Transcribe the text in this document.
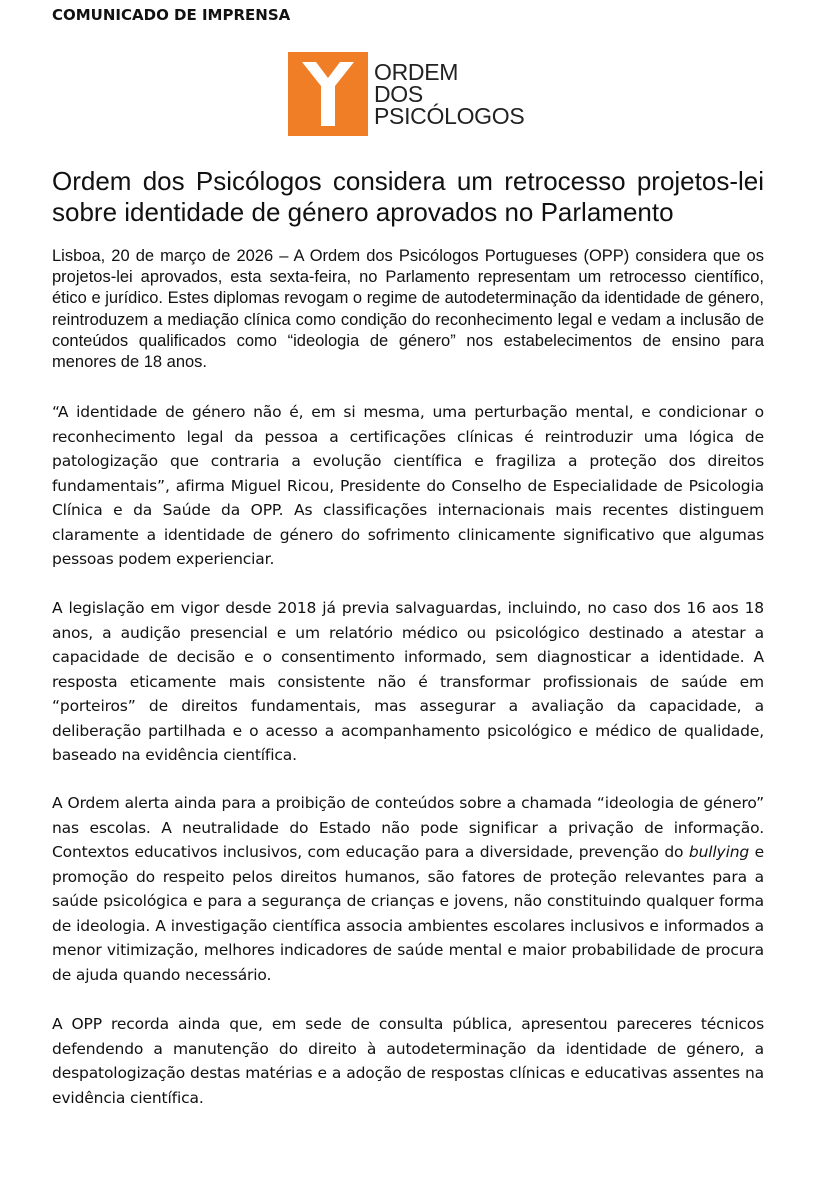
COMUNICADO DE IMPRENSA
ORDEM
DOS
PSICÓLOGOS
Ordem dos Psicólogos considera um retrocesso projetos-lei sobre identidade de género aprovados no Parlamento

Lisboa, 20 de março de 2026 – A Ordem dos Psicólogos Portugueses (OPP) considera que os projetos-lei aprovados, esta sexta-feira, no Parlamento representam um retrocesso científico, ético e jurídico. Estes diplomas revogam o regime de autodeterminação da identidade de género, reintroduzem a mediação clínica como condição do reconhecimento legal e vedam a inclusão de conteúdos qualificados como “ideologia de género” nos estabelecimentos de ensino para menores de 18 anos.

“A identidade de género não é, em si mesma, uma perturbação mental, e condicionar o reconhecimento legal da pessoa a certificações clínicas é reintroduzir uma lógica de patologização que contraria a evolução científica e fragiliza a proteção dos direitos fundamentais”, afirma Miguel Ricou, Presidente do Conselho de Especialidade de Psicologia Clínica e da Saúde da OPP. As classificações internacionais mais recentes distinguem claramente a identidade de género do sofrimento clinicamente significativo que algumas pessoas podem experienciar.

A legislação em vigor desde 2018 já previa salvaguardas, incluindo, no caso dos 16 aos 18 anos, a audição presencial e um relatório médico ou psicológico destinado a atestar a capacidade de decisão e o consentimento informado, sem diagnosticar a identidade. A resposta eticamente mais consistente não é transformar profissionais de saúde em “porteiros” de direitos fundamentais, mas assegurar a avaliação da capacidade, a deliberação partilhada e o acesso a acompanhamento psicológico e médico de qualidade, baseado na evidência científica.

A Ordem alerta ainda para a proibição de conteúdos sobre a chamada “ideologia de género” nas escolas. A neutralidade do Estado não pode significar a privação de informação. Contextos educativos inclusivos, com educação para a diversidade, prevenção do bullying e promoção do respeito pelos direitos humanos, são fatores de proteção relevantes para a saúde psicológica e para a segurança de crianças e jovens, não constituindo qualquer forma de ideologia. A investigação científica associa ambientes escolares inclusivos e informados a menor vitimização, melhores indicadores de saúde mental e maior probabilidade de procura de ajuda quando necessário.

A OPP recorda ainda que, em sede de consulta pública, apresentou pareceres técnicos defendendo a manutenção do direito à autodeterminação da identidade de género, a despatologização destas matérias e a adoção de respostas clínicas e educativas assentes na evidência científica.
